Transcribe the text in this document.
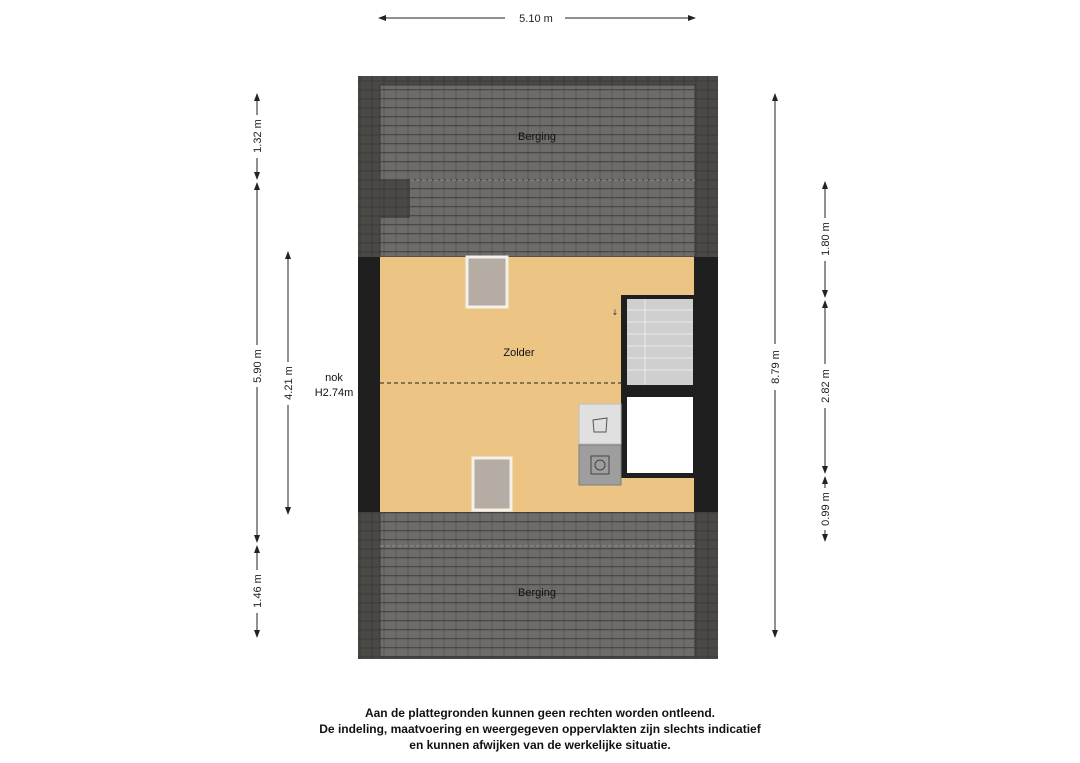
5.10 m
Berging
Berging
Zolder
nok
H2.74m
↓
1.32 m
5.90 m
4.21 m
1.46 m
8.79 m
1.80 m
2.82 m
0.99 m
Aan de plattegronden kunnen geen rechten worden ontleend.
De indeling, maatvoering en weergegeven oppervlakten zijn slechts indicatief
en kunnen afwijken van de werkelijke situatie.
